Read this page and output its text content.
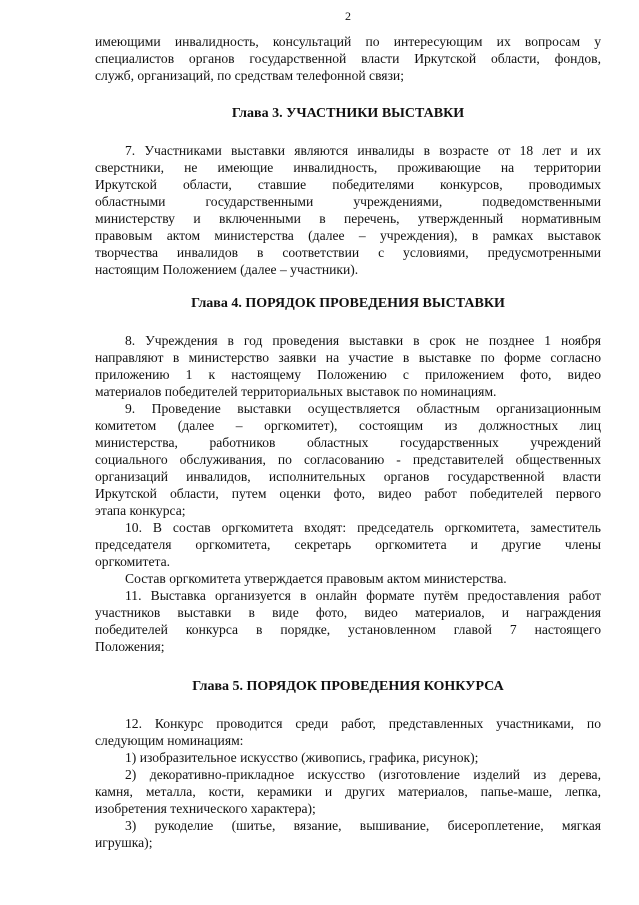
2
имеющими инвалидность, консультаций по интересующим их вопросам у
специалистов органов государственной власти Иркутской области, фондов,
служб, организаций, по средствам телефонной связи;
Глава 3. УЧАСТНИКИ ВЫСТАВКИ
7. Участниками выставки являются инвалиды в возрасте от 18 лет и их
сверстники, не имеющие инвалидность, проживающие на территории
Иркутской области, ставшие победителями конкурсов, проводимых
областными государственными учреждениями, подведомственными
министерству и включенными в перечень, утвержденный нормативным
правовым актом министерства (далее – учреждения), в рамках выставок
творчества инвалидов в соответствии с условиями, предусмотренными
настоящим Положением (далее – участники).
Глава 4. ПОРЯДОК ПРОВЕДЕНИЯ ВЫСТАВКИ
8. Учреждения в год проведения выставки в срок не позднее 1 ноября
направляют в министерство заявки на участие в выставке по форме согласно
приложению 1 к настоящему Положению с приложением фото, видео
материалов победителей территориальных выставок по номинациям.
9. Проведение выставки осуществляется областным организационным
комитетом (далее – оргкомитет), состоящим из должностных лиц
министерства, работников областных государственных учреждений
социального обслуживания, по согласованию - представителей общественных
организаций инвалидов, исполнительных органов государственной власти
Иркутской области, путем оценки фото, видео работ победителей первого
этапа конкурса;
10. В состав оргкомитета входят: председатель оргкомитета, заместитель
председателя оргкомитета, секретарь оргкомитета и другие члены
оргкомитета.
Состав оргкомитета утверждается правовым актом министерства.
11. Выставка организуется в онлайн формате путём предоставления работ
участников выставки в виде фото, видео материалов, и награждения
победителей конкурса в порядке, установленном главой 7 настоящего
Положения;
Глава 5. ПОРЯДОК ПРОВЕДЕНИЯ КОНКУРСА
12. Конкурс проводится среди работ, представленных участниками, по
следующим номинациям:
1) изобразительное искусство (живопись, графика, рисунок);
2) декоративно-прикладное искусство (изготовление изделий из дерева,
камня, металла, кости, керамики и других материалов, папье-маше, лепка,
изобретения технического характера);
3) рукоделие (шитье, вязание, вышивание, бисероплетение, мягкая
игрушка);
